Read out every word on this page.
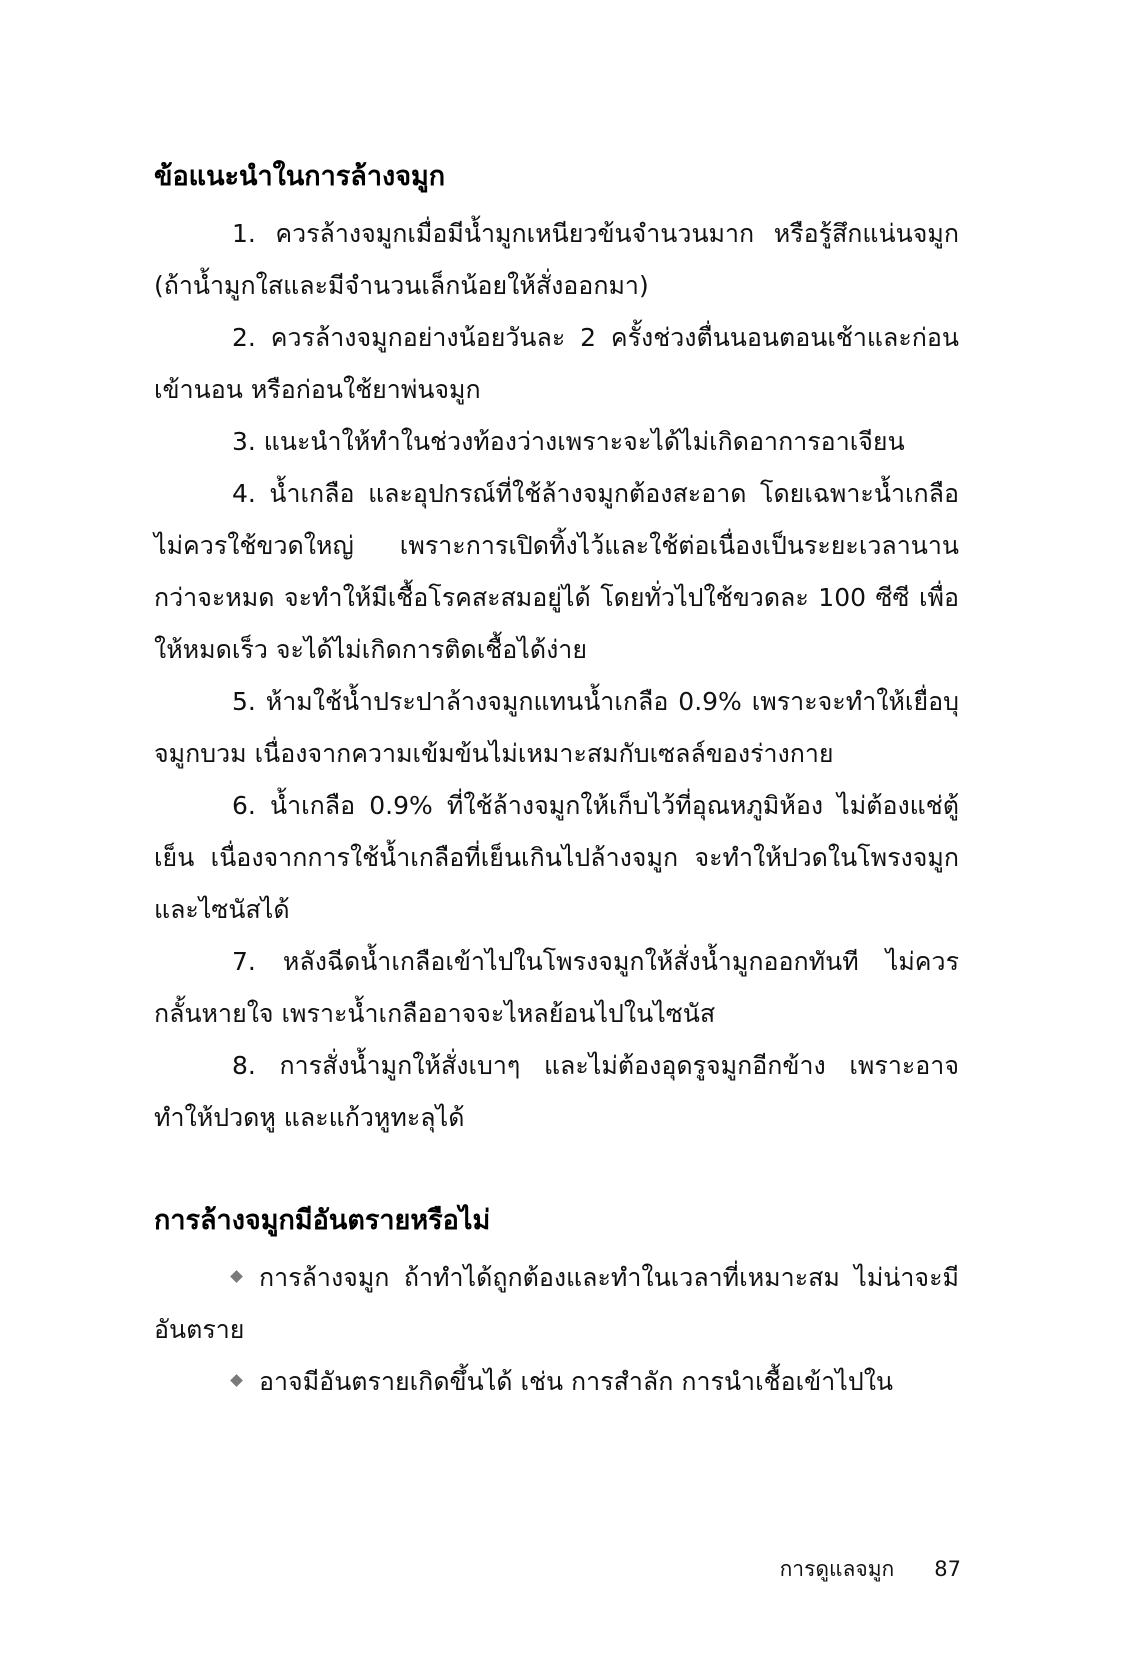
ข้อแนะนำในการล้างจมูก

1. ควรล้างจมูกเมื่อมีน้ำมูกเหนียวข้นจำนวนมาก หรือรู้สึกแน่นจมูก (ถ้าน้ำมูกใสและมีจำนวนเล็กน้อยให้สั่งออกมา)

2. ควรล้างจมูกอย่างน้อยวันละ 2 ครั้งช่วงตื่นนอนตอนเช้าและก่อนเข้านอน หรือก่อนใช้ยาพ่นจมูก

3. แนะนำให้ทำในช่วงท้องว่างเพราะจะได้ไม่เกิดอาการอาเจียน

4. น้ำเกลือ และอุปกรณ์ที่ใช้ล้างจมูกต้องสะอาด โดยเฉพาะน้ำเกลือไม่ควรใช้ขวดใหญ่ เพราะการเปิดทิ้งไว้และใช้ต่อเนื่องเป็นระยะเวลานานกว่าจะหมด จะทำให้มีเชื้อโรคสะสมอยู่ได้ โดยทั่วไปใช้ขวดละ 100 ซีซี เพื่อให้หมดเร็ว จะได้ไม่เกิดการติดเชื้อได้ง่าย

5. ห้ามใช้น้ำประปาล้างจมูกแทนน้ำเกลือ 0.9% เพราะจะทำให้เยื่อบุจมูกบวม เนื่องจากความเข้มข้นไม่เหมาะสมกับเซลล์ของร่างกาย

6. น้ำเกลือ 0.9% ที่ใช้ล้างจมูกให้เก็บไว้ที่อุณหภูมิห้อง ไม่ต้องแช่ตู้เย็น เนื่องจากการใช้น้ำเกลือที่เย็นเกินไปล้างจมูก จะทำให้ปวดในโพรงจมูกและไซนัสได้

7. หลังฉีดน้ำเกลือเข้าไปในโพรงจมูกให้สั่งน้ำมูกออกทันที ไม่ควรกลั้นหายใจ เพราะน้ำเกลืออาจจะไหลย้อนไปในไซนัส

8. การสั่งน้ำมูกให้สั่งเบาๆ และไม่ต้องอุดรูจมูกอีกข้าง เพราะอาจทำให้ปวดหู และแก้วหูทะลุได้

การล้างจมูกมีอันตรายหรือไม่
การล้างจมูก ถ้าทำได้ถูกต้องและทำในเวลาที่เหมาะสม ไม่น่าจะมีอันตราย
อาจมีอันตรายเกิดขึ้นได้ เช่น การสำลัก การนำเชื้อเข้าไปใน
การดูแลจมูก 87
